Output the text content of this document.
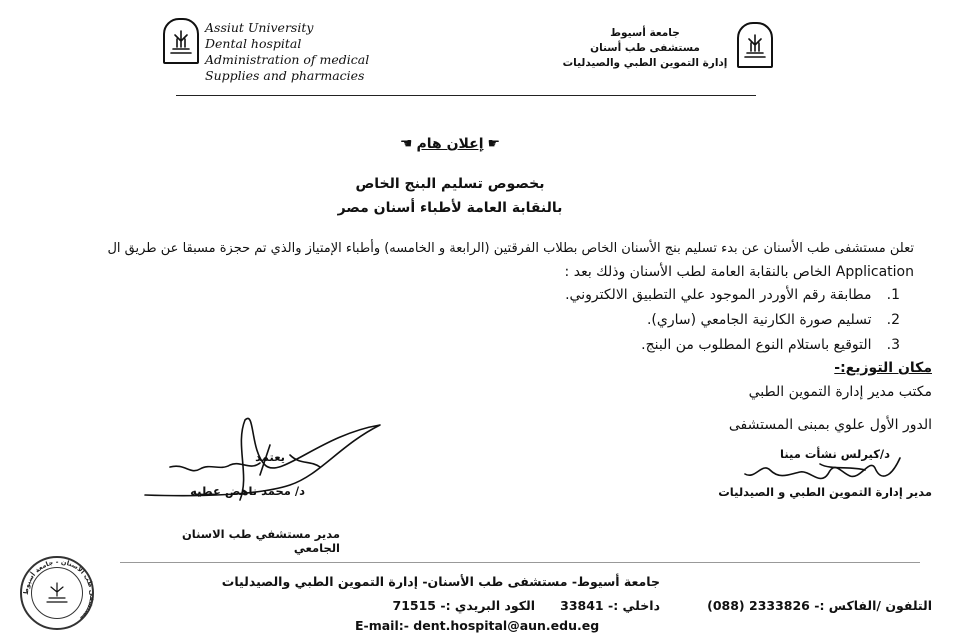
Assiut University
Dental hospital
Administration of medical
Supplies and pharmacies
جامعة أسيوط
مستشفى طب أسنان
إدارة التموين الطبي والصيدليات
☛
إعلان هام
☚
بخصوص تسليم البنج الخاص
بالنقابة العامة لأطباء أسنان مصر
تعلن مستشفى طب الأسنان عن بدء تسليم بنج الأسنان الخاص بطلاب الفرقتين (الرابعة و الخامسه) وأطباء الإمتياز والذي تم حجزة مسبقا عن طريق ال
Application الخاص بالنقابة العامة لطب الأسنان وذلك بعد :
1. مطابقة رقم الأوردر الموجود علي التطبيق الالكتروني.
2. تسليم صورة الكارنية الجامعي (ساري).
3. التوقيع باستلام النوع المطلوب من البنج.
مكان التوزيع:-
مكتب مدير إدارة التموين الطبي
الدور الأول علوي بمبنى المستشفى
د/كيرلس نشأت مينا
مدير إدارة التموين الطبي و الصيدليات
يعتمد
د/ محمد ناهض عطيه
مدير مستشفي طب الاسنان الجامعي
مستشفى طب الاسنان - جامعة أسيوط
جامعة أسيوط- مستشفى طب الأسنان- إدارة التموين الطبي والصيدليات
التلفون /الفاكس :- (088) 2333826
داخلي :- 33841
الكود البريدي :- 71515
E-mail:- dent.hospital@aun.edu.eg
